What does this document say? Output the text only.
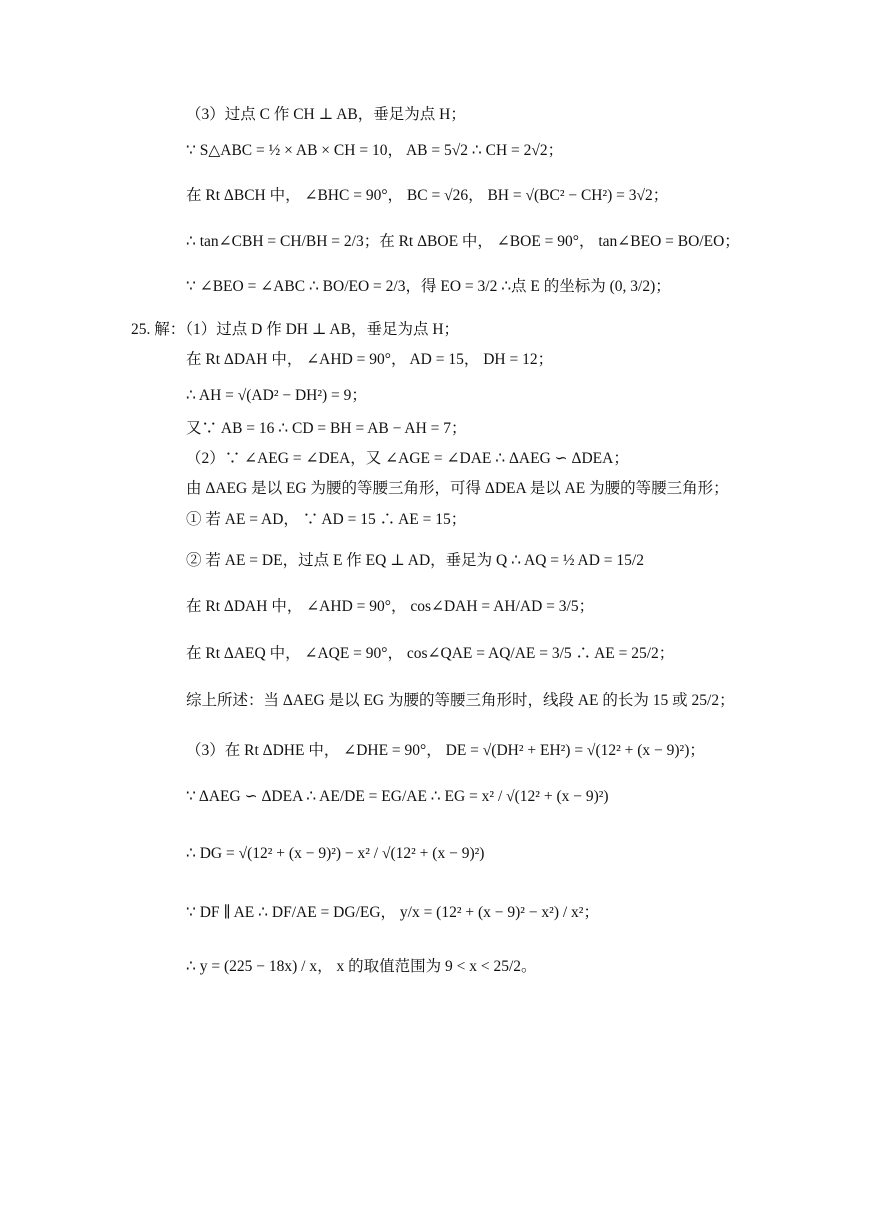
（3）过点 C 作 CH ⊥ AB，垂足为点 H；
∵ S△ABC = ½ × AB × CH = 10， AB = 5√2 ∴ CH = 2√2；
在 Rt ΔBCH 中， ∠BHC = 90°， BC = √26， BH = √(BC² − CH²) = 3√2；
∴ tan∠CBH = CH/BH = 2/3；在 Rt ΔBOE 中， ∠BOE = 90°， tan∠BEO = BO/EO；
∵ ∠BEO = ∠ABC ∴ BO/EO = 2/3，得 EO = 3/2 ∴点 E 的坐标为 (0, 3/2)；
25. 解：（1）过点 D 作 DH ⊥ AB，垂足为点 H；
在 Rt ΔDAH 中， ∠AHD = 90°， AD = 15， DH = 12；
∴ AH = √(AD² − DH²) = 9；
又∵ AB = 16 ∴ CD = BH = AB − AH = 7；
（2）∵ ∠AEG = ∠DEA，又 ∠AGE = ∠DAE ∴ ΔAEG ∽ ΔDEA；
由 ΔAEG 是以 EG 为腰的等腰三角形，可得 ΔDEA 是以 AE 为腰的等腰三角形；
① 若 AE = AD， ∵ AD = 15 ∴ AE = 15；
② 若 AE = DE，过点 E 作 EQ ⊥ AD，垂足为 Q ∴ AQ = ½ AD = 15/2
在 Rt ΔDAH 中， ∠AHD = 90°， cos∠DAH = AH/AD = 3/5；
在 Rt ΔAEQ 中， ∠AQE = 90°， cos∠QAE = AQ/AE = 3/5 ∴ AE = 25/2；
综上所述：当 ΔAEG 是以 EG 为腰的等腰三角形时，线段 AE 的长为 15 或 25/2；
（3）在 Rt ΔDHE 中， ∠DHE = 90°， DE = √(DH² + EH²) = √(12² + (x − 9)²)；
∵ ΔAEG ∽ ΔDEA ∴ AE/DE = EG/AE ∴ EG = x² / √(12² + (x − 9)²)
∴ DG = √(12² + (x − 9)²) − x² / √(12² + (x − 9)²)
∵ DF ∥ AE ∴ DF/AE = DG/EG， y/x = (12² + (x − 9)² − x²) / x²；
∴ y = (225 − 18x) / x， x 的取值范围为 9 < x < 25/2。
